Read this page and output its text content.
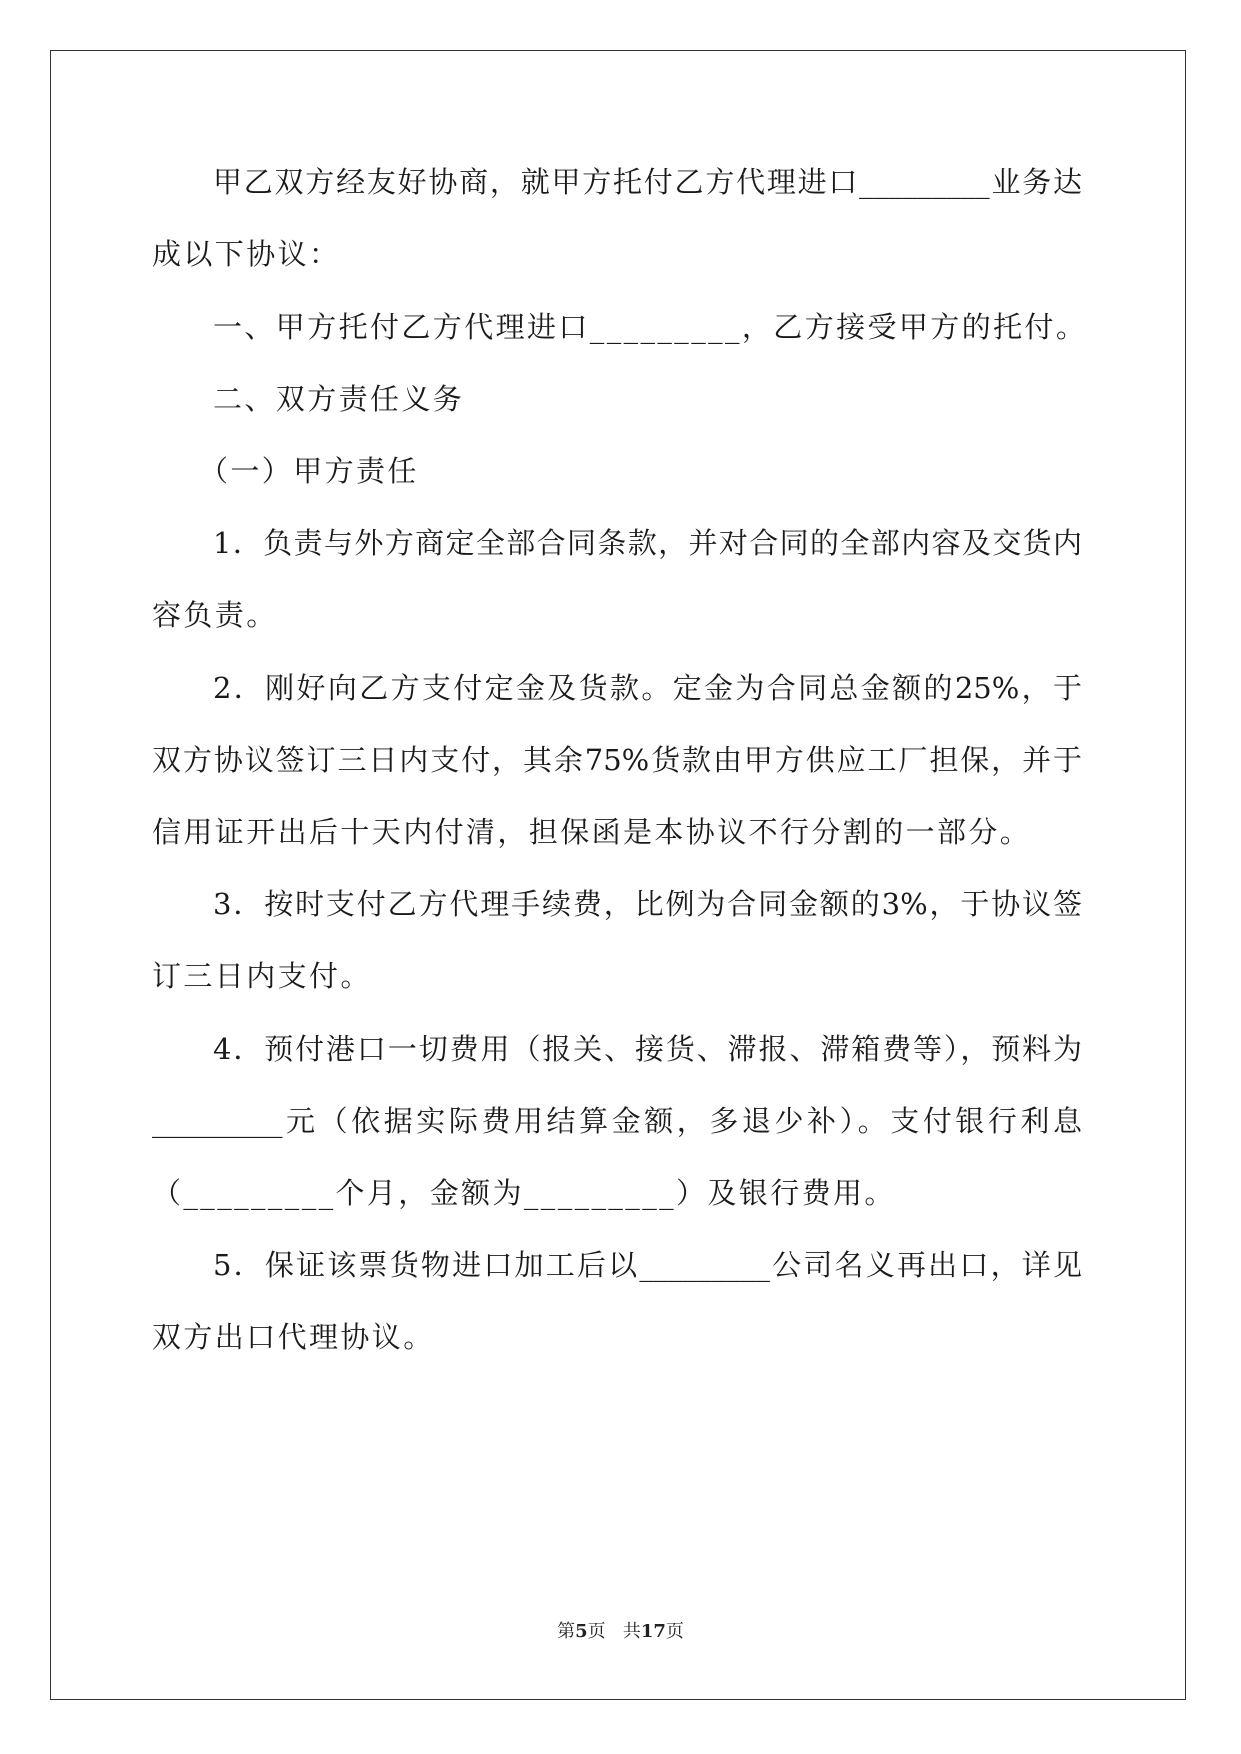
甲乙双方经友好协商，就甲方托付乙方代理进口_________业务达
成以下协议：
一、甲方托付乙方代理进口_________，乙方接受甲方的托付。
二、双方责任义务
（一）甲方责任
1．负责与外方商定全部合同条款，并对合同的全部内容及交货内
容负责。
2．刚好向乙方支付定金及货款。定金为合同总金额的25%，于
双方协议签订三日内支付，其余75%货款由甲方供应工厂担保，并于
信用证开出后十天内付清，担保函是本协议不行分割的一部分。
3．按时支付乙方代理手续费，比例为合同金额的3%，于协议签
订三日内支付。
4．预付港口一切费用（报关、接货、滞报、滞箱费等），预料为
_________元（依据实际费用结算金额，多退少补）。支付银行利息
（_________个月，金额为_________）及银行费用。
5．保证该票货物进口加工后以_________公司名义再出口，详见
双方出口代理协议。
第5页 共17页
